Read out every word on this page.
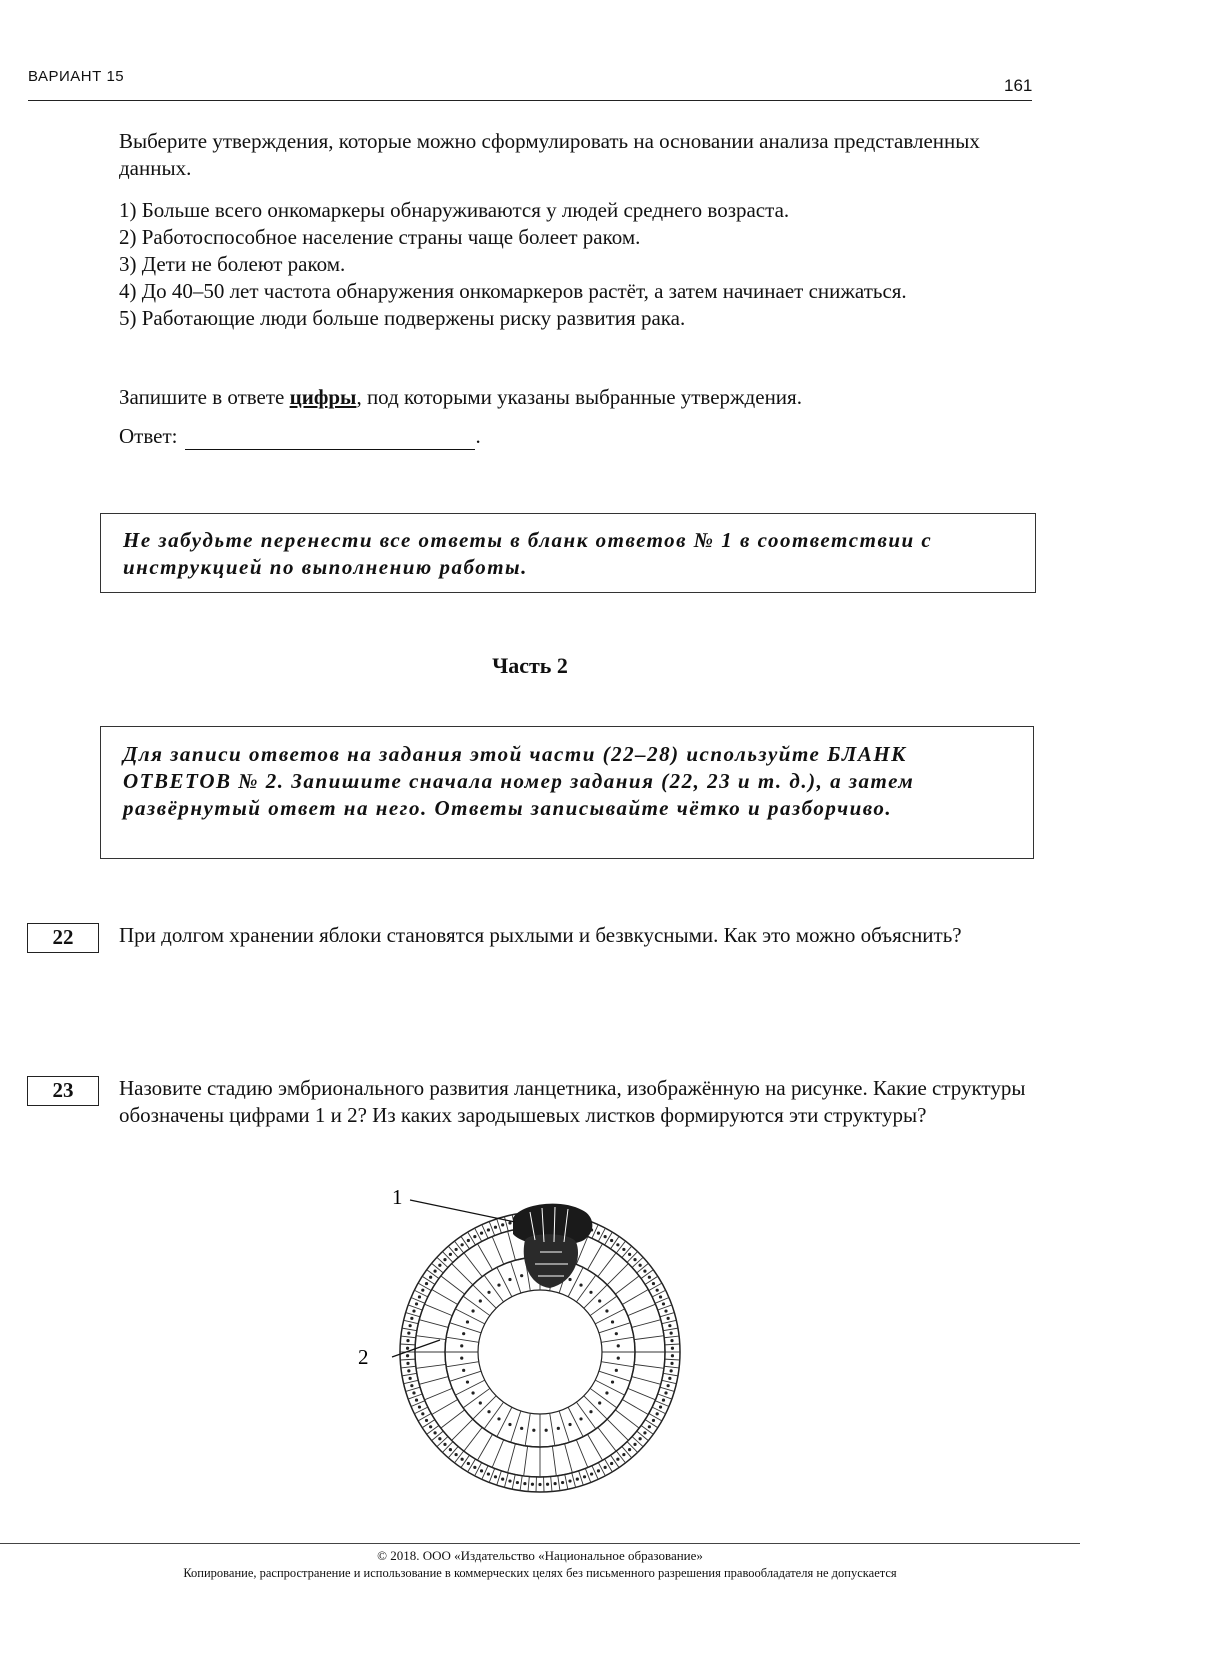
ВАРИАНТ 15	161
Выберите утверждения, которые можно сформулировать на основании анализа представленных данных.
1) Больше всего онкомаркеры обнаруживаются у людей среднего возраста.
2) Работоспособное население страны чаще болеет раком.
3) Дети не болеют раком.
4) До 40–50 лет частота обнаружения онкомаркеров растёт, а затем начинает снижаться.
5) Работающие люди больше подвержены риску развития рака.
Запишите в ответе цифры, под которыми указаны выбранные утверждения.
Ответ:	.
Не забудьте перенести все ответы в бланк ответов № 1 в соответствии с инструкцией по выполнению работы.
Часть 2
Для записи ответов на задания этой части (22–28) используйте БЛАНК ОТВЕТОВ № 2. Запишите сначала номер задания (22, 23 и т. д.), а затем развёрнутый ответ на него. Ответы записывайте чётко и разборчиво.
22	При долгом хранении яблоки становятся рыхлыми и безвкусными. Как это можно объяснить?
23	Назовите стадию эмбрионального развития ланцетника, изображённую на рисунке. Какие структуры обозначены цифрами 1 и 2? Из каких зародышевых листков формируются эти структуры?
1
2
© 2018. ООО «Издательство «Национальное образование»
Копирование, распространение и использование в коммерческих целях без письменного разрешения правообладателя не допускается
